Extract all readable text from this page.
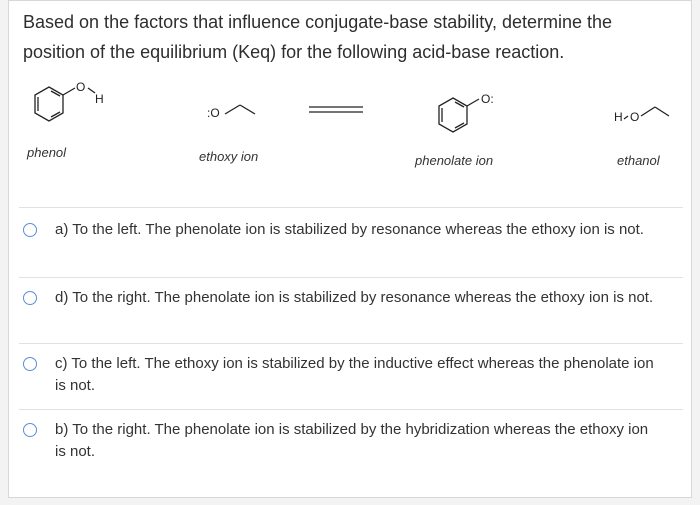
Based on the factors that influence conjugate-base stability, determine the position of the equilibrium (Keq) for the following acid-base reaction.
O
H
:O
O:
H O
phenol	ethoxy ion	phenolate ion	ethanol
a) To the left. The phenolate ion is stabilized by resonance whereas the ethoxy ion is not.
d) To the right. The phenolate ion is stabilized by resonance whereas the ethoxy ion is not.
c) To the left. The ethoxy ion is stabilized by the inductive effect whereas the phenolate ion is not.
b) To the right. The phenolate ion is stabilized by the hybridization whereas the ethoxy ion is not.
